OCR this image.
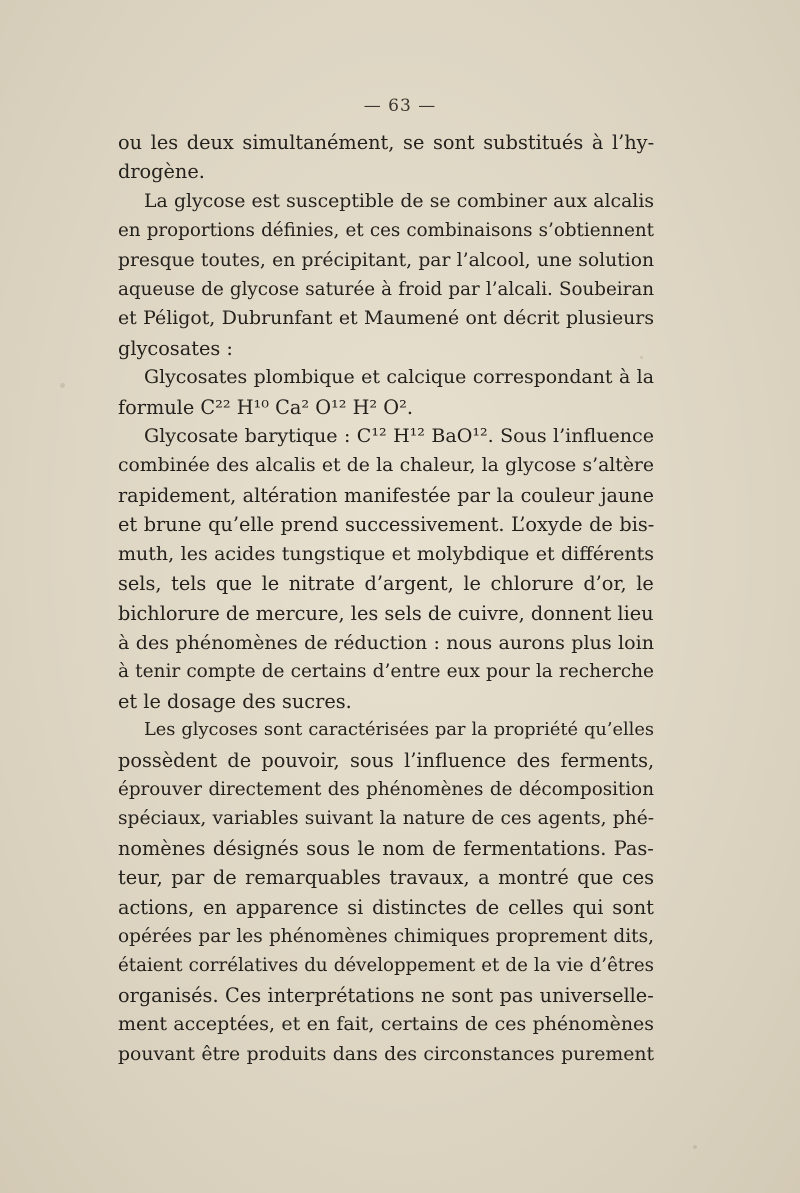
— 63 —

ou les deux simultanément, se sont substitués à l’hy-
drogène.

La glycose est susceptible de se combiner aux alcalis
en proportions définies, et ces combinaisons s’obtiennent
presque toutes, en précipitant, par l’alcool, une solution
aqueuse de glycose saturée à froid par l’alcali. Soubeiran
et Péligot, Dubrunfant et Maumené ont décrit plusieurs
glycosates :

Glycosates plombique et calcique correspondant à la
formule C²² H¹⁰ Ca² O¹² H² O².

Glycosate barytique : C¹² H¹² BaO¹². Sous l’influence
combinée des alcalis et de la chaleur, la glycose s’altère
rapidement, altération manifestée par la couleur jaune
et brune qu’elle prend successivement. L’oxyde de bis-
muth, les acides tungstique et molybdique et différents
sels, tels que le nitrate d’argent, le chlorure d’or, le
bichlorure de mercure, les sels de cuivre, donnent lieu
à des phénomènes de réduction : nous aurons plus loin
à tenir compte de certains d’entre eux pour la recherche
et le dosage des sucres.

Les glycoses sont caractérisées par la propriété qu’elles
possèdent de pouvoir, sous l’influence des ferments,
éprouver directement des phénomènes de décomposition
spéciaux, variables suivant la nature de ces agents, phé-
nomènes désignés sous le nom de fermentations. Pas-
teur, par de remarquables travaux, a montré que ces
actions, en apparence si distinctes de celles qui sont
opérées par les phénomènes chimiques proprement dits,
étaient corrélatives du développement et de la vie d’êtres
organisés. Ces interprétations ne sont pas universelle-
ment acceptées, et en fait, certains de ces phénomènes
pouvant être produits dans des circonstances purement
